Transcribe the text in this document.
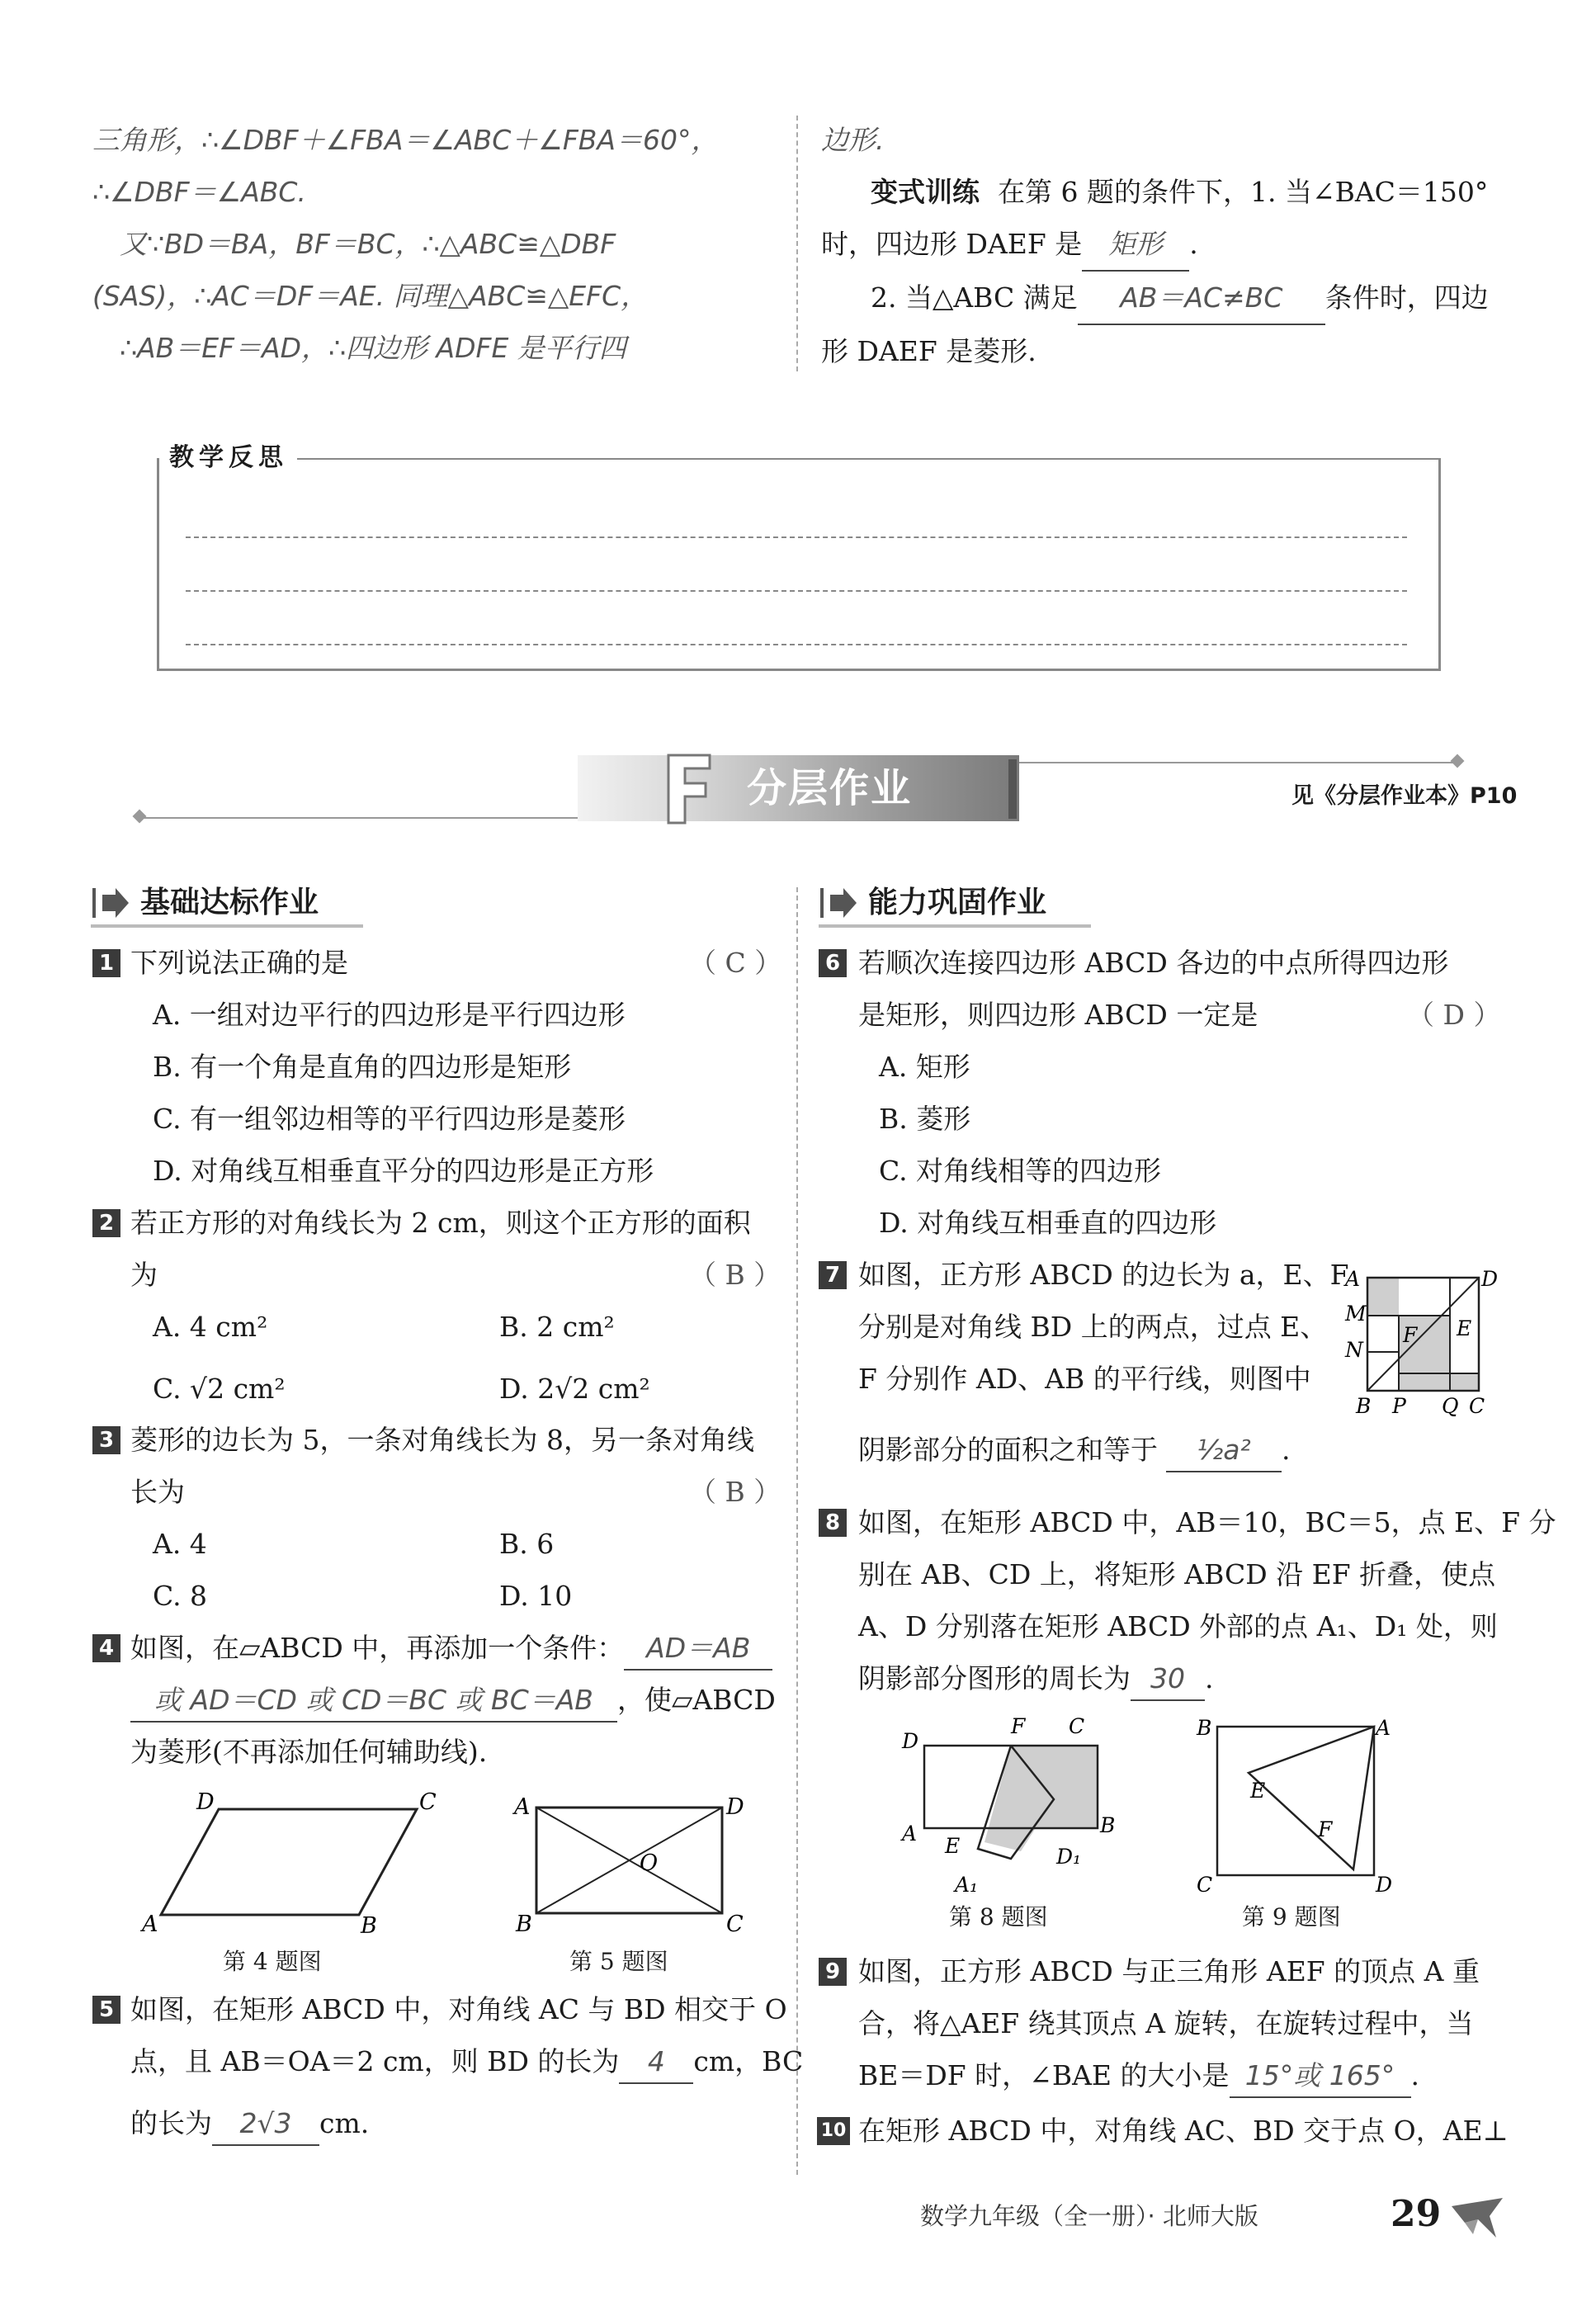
三角形，∴∠DBF＋∠FBA＝∠ABC＋∠FBA＝60°，
∴∠DBF＝∠ABC.
　又∵BD＝BA，BF＝BC，∴△ABC≌△DBF
(SAS)，∴AC＝DF＝AE. 同理△ABC≌△EFC，
　∴AB＝EF＝AD，∴四边形 ADFE 是平行四
边形.
变式训练 在第 6 题的条件下，1. 当∠BAC＝150°
时，四边形 DAEF 是 矩形 .
2. 当△ABC 满足 AB＝AC≠BC 条件时，四边
形 DAEF 是菱形.
教学反思
分层作业	见《分层作业本》P10
基础达标作业	能力巩固作业
1 下列说法正确的是	（ C ）
A. 一组对边平行的四边形是平行四边形
B. 有一个角是直角的四边形是矩形
C. 有一组邻边相等的平行四边形是菱形
D. 对角线互相垂直平分的四边形是正方形
2 若正方形的对角线长为 2 cm，则这个正方形的面积
为	（ B ）
A. 4 cm²	B. 2 cm²
C. √2 cm²	D. 2√2 cm²
3 菱形的边长为 5，一条对角线长为 8，另一条对角线
长为	（ B ）
A. 4	B. 6
C. 8	D. 10
4 如图，在▱ABCD 中，再添加一个条件： AD＝AB
或 AD＝CD 或 CD＝BC 或 BC＝AB ，使▱ABCD
为菱形(不再添加任何辅助线).
A	B
C
D
第 4 题图
A	D
B	C
O
第 5 题图
5 如图，在矩形 ABCD 中，对角线 AC 与 BD 相交于 O
点，且 AB＝OA＝2 cm，则 BD 的长为 4 cm，BC
的长为 2√3 cm.
6 若顺次连接四边形 ABCD 各边的中点所得四边形
是矩形，则四边形 ABCD 一定是	（ D ）
A. 矩形
B. 菱形
C. 对角线相等的四边形
D. 对角线互相垂直的四边形
7 如图，正方形 ABCD 的边长为 a，E、F
分别是对角线 BD 上的两点，过点 E、
F 分别作 AD、AB 的平行线，则图中
阴影部分的面积之和等于 ½a² .
A	D
M
N
E
F
B P Q C
8 如图，在矩形 ABCD 中，AB＝10，BC＝5，点 E、F 分
别在 AB、CD 上，将矩形 ABCD 沿 EF 折叠，使点
A、D 分别落在矩形 ABCD 外部的点 A₁、D₁ 处，则
阴影部分图形的周长为 30 .
D
F C
A	B
E	D₁
A₁
第 8 题图
B	A
E
F
C	D
第 9 题图
9 如图，正方形 ABCD 与正三角形 AEF 的顶点 A 重
合，将△AEF 绕其顶点 A 旋转，在旋转过程中，当
BE＝DF 时，∠BAE 的大小是 15°或 165° .
10 在矩形 ABCD 中，对角线 AC、BD 交于点 O，AE⊥
数学九年级（全一册）· 北师大版	29
